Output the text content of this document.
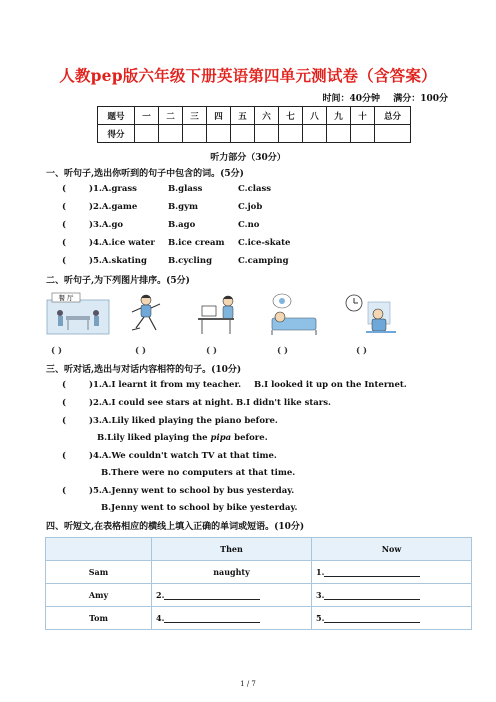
人教pep版六年级下册英语第四单元测试卷（含答案）
时间：40分钟 满分：100分
题号	一	二	三	四	五	六	七	八	九	十	总分
得分											
听力部分（30分）
一、听句子,选出你听到的句子中包含的词。(5分)
(	)1.A.grass	B.glass	C.class
(	)2.A.game	B.gym	C.job
(	)3.A.go	B.ago	C.no
(	)4.A.ice water B.ice cream C.ice-skate
(	)5.A.skating B.cycling	C.camping
二、听句子,为下列图片排序。(5分)
餐 厅
( )	( )	( )	( )	( )
三、听对话,选出与对话内容相符的句子。(10分)
(	)1.A.I learnt it from my teacher. B.I looked it up on the Internet.
(	)2.A.I could see stars at night. B.I didn't like stars.
(	)3.A.Lily liked playing the piano before.
B.Lily liked playing the pipa before.
(	)4.A.We couldn't watch TV at that time.
B.There were no computers at that time.
(	)5.A.Jenny went to school by bus yesterday.
B.Jenny went to school by bike yesterday.
四、听短文,在表格相应的横线上填入正确的单词或短语。(10分)
	Then	Now
Sam	naughty	1.
Amy	2.	3.
Tom	4.	5.
1 / 7
